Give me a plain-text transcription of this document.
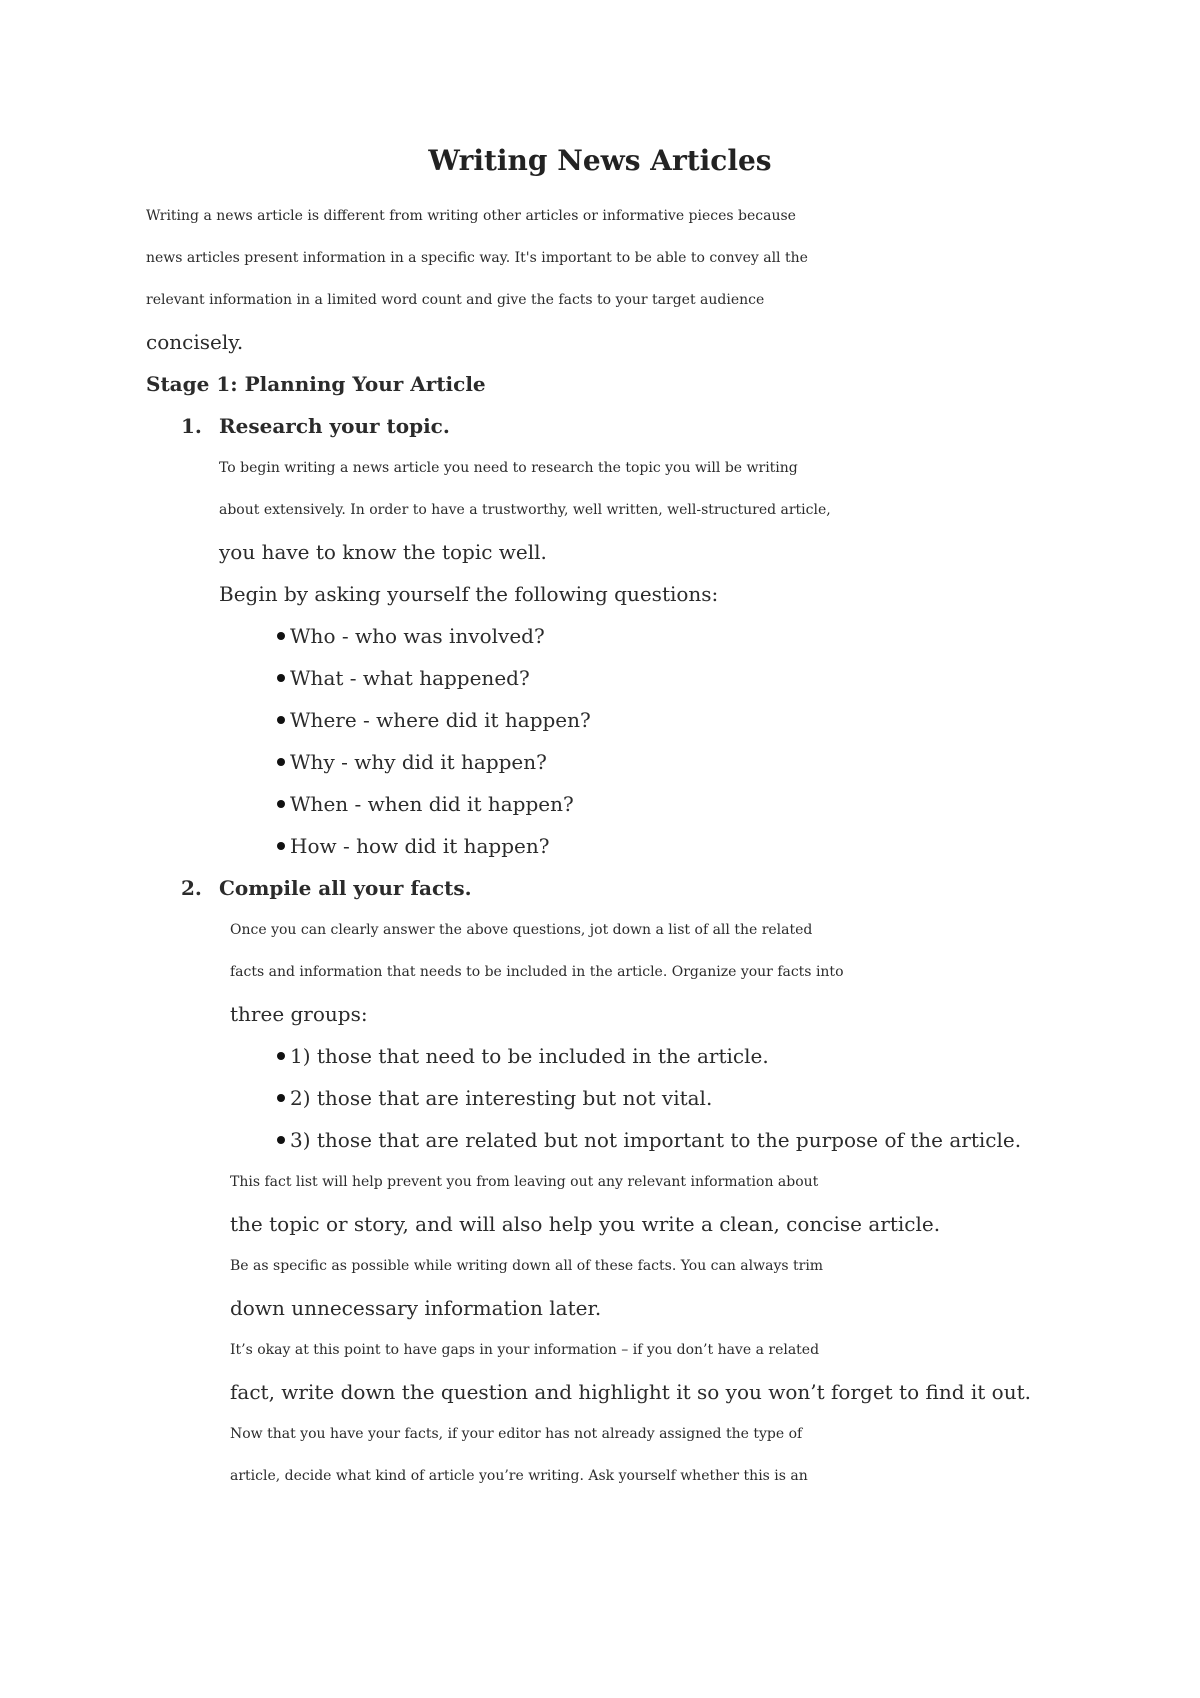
Writing News Articles
Writing a news article is different from writing other articles or informative pieces because
news articles present information in a specific way. It's important to be able to convey all the
relevant information in a limited word count and give the facts to your target audience
concisely.
Stage 1: Planning Your Article
1. Research your topic.
To begin writing a news article you need to research the topic you will be writing
about extensively. In order to have a trustworthy, well written, well-structured article,
you have to know the topic well.
Begin by asking yourself the following questions:
Who - who was involved?
What - what happened?
Where - where did it happen?
Why - why did it happen?
When - when did it happen?
How - how did it happen?
2. Compile all your facts.
Once you can clearly answer the above questions, jot down a list of all the related
facts and information that needs to be included in the article. Organize your facts into
three groups:
1) those that need to be included in the article.
2) those that are interesting but not vital.
3) those that are related but not important to the purpose of the article.
This fact list will help prevent you from leaving out any relevant information about
the topic or story, and will also help you write a clean, concise article.
Be as specific as possible while writing down all of these facts. You can always trim
down unnecessary information later.
It’s okay at this point to have gaps in your information – if you don’t have a related
fact, write down the question and highlight it so you won’t forget to find it out.
Now that you have your facts, if your editor has not already assigned the type of
article, decide what kind of article you’re writing. Ask yourself whether this is an
